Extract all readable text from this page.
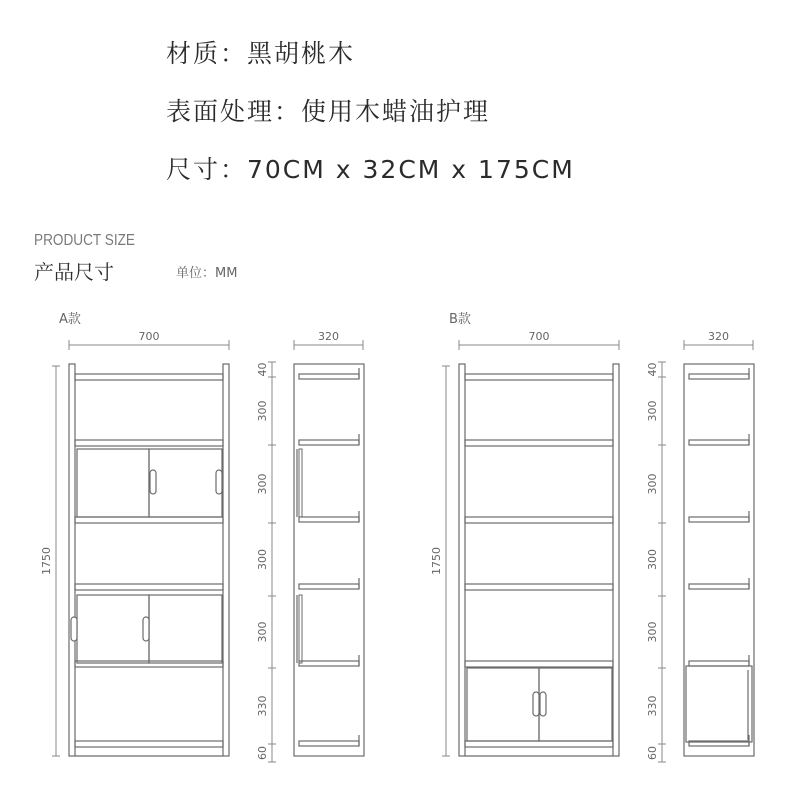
材质：黑胡桃木
表面处理：使用木蜡油护理
尺寸：70CM x 32CM x 175CM
PRODUCT SIZE
产品尺寸	单位：MM
A款
700
1750
320
40
300
300
300
300
330
60
B款
700
1750
320
40
300
300
300
300
330
60
